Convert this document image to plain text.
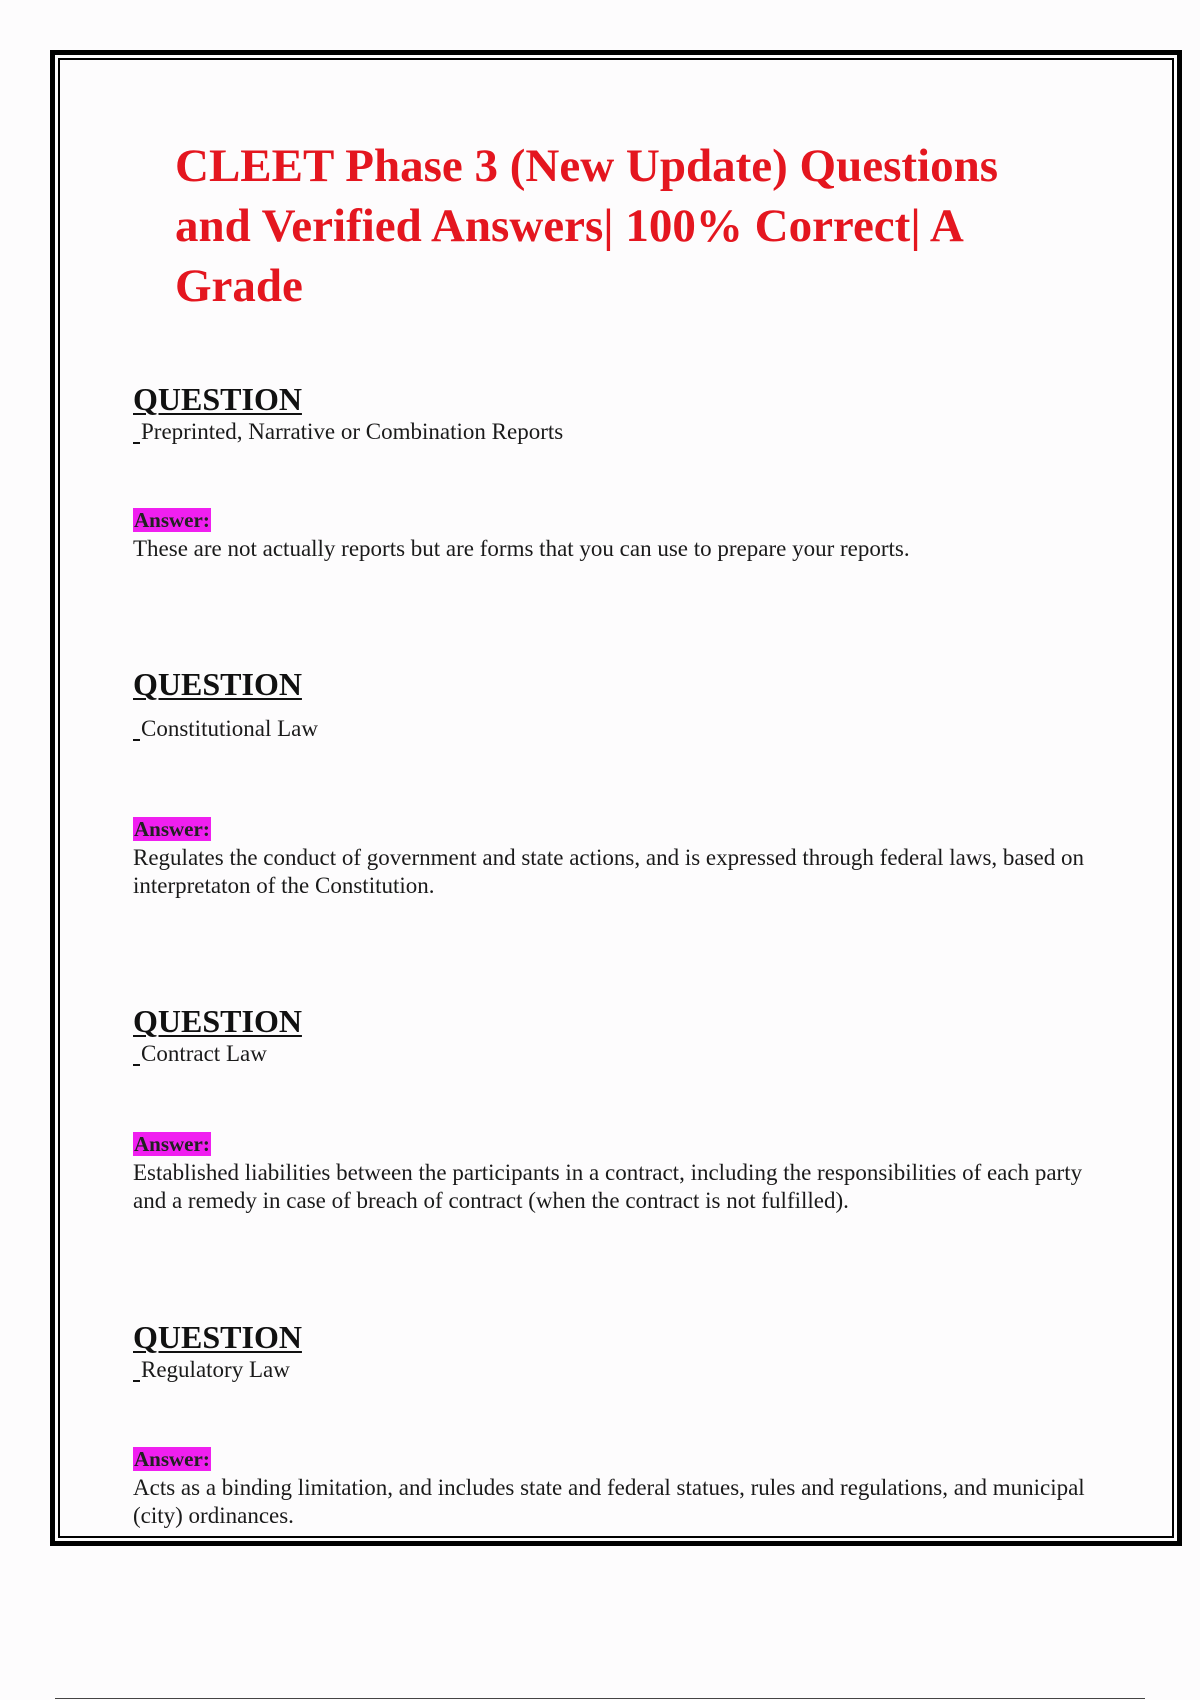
CLEET Phase 3 (New Update) Questions and Verified Answers| 100% Correct| A Grade
QUESTION
Preprinted, Narrative or Combination Reports
Answer:
These are not actually reports but are forms that you can use to prepare your reports.
QUESTION
Constitutional Law
Answer:
Regulates the conduct of government and state actions, and is expressed through federal laws, based on interpretaton of the Constitution.
QUESTION
Contract Law
Answer:
Established liabilities between the participants in a contract, including the responsibilities of each party and a remedy in case of breach of contract (when the contract is not fulfilled).
QUESTION
Regulatory Law
Answer:
Acts as a binding limitation, and includes state and federal statues, rules and regulations, and municipal (city) ordinances.
